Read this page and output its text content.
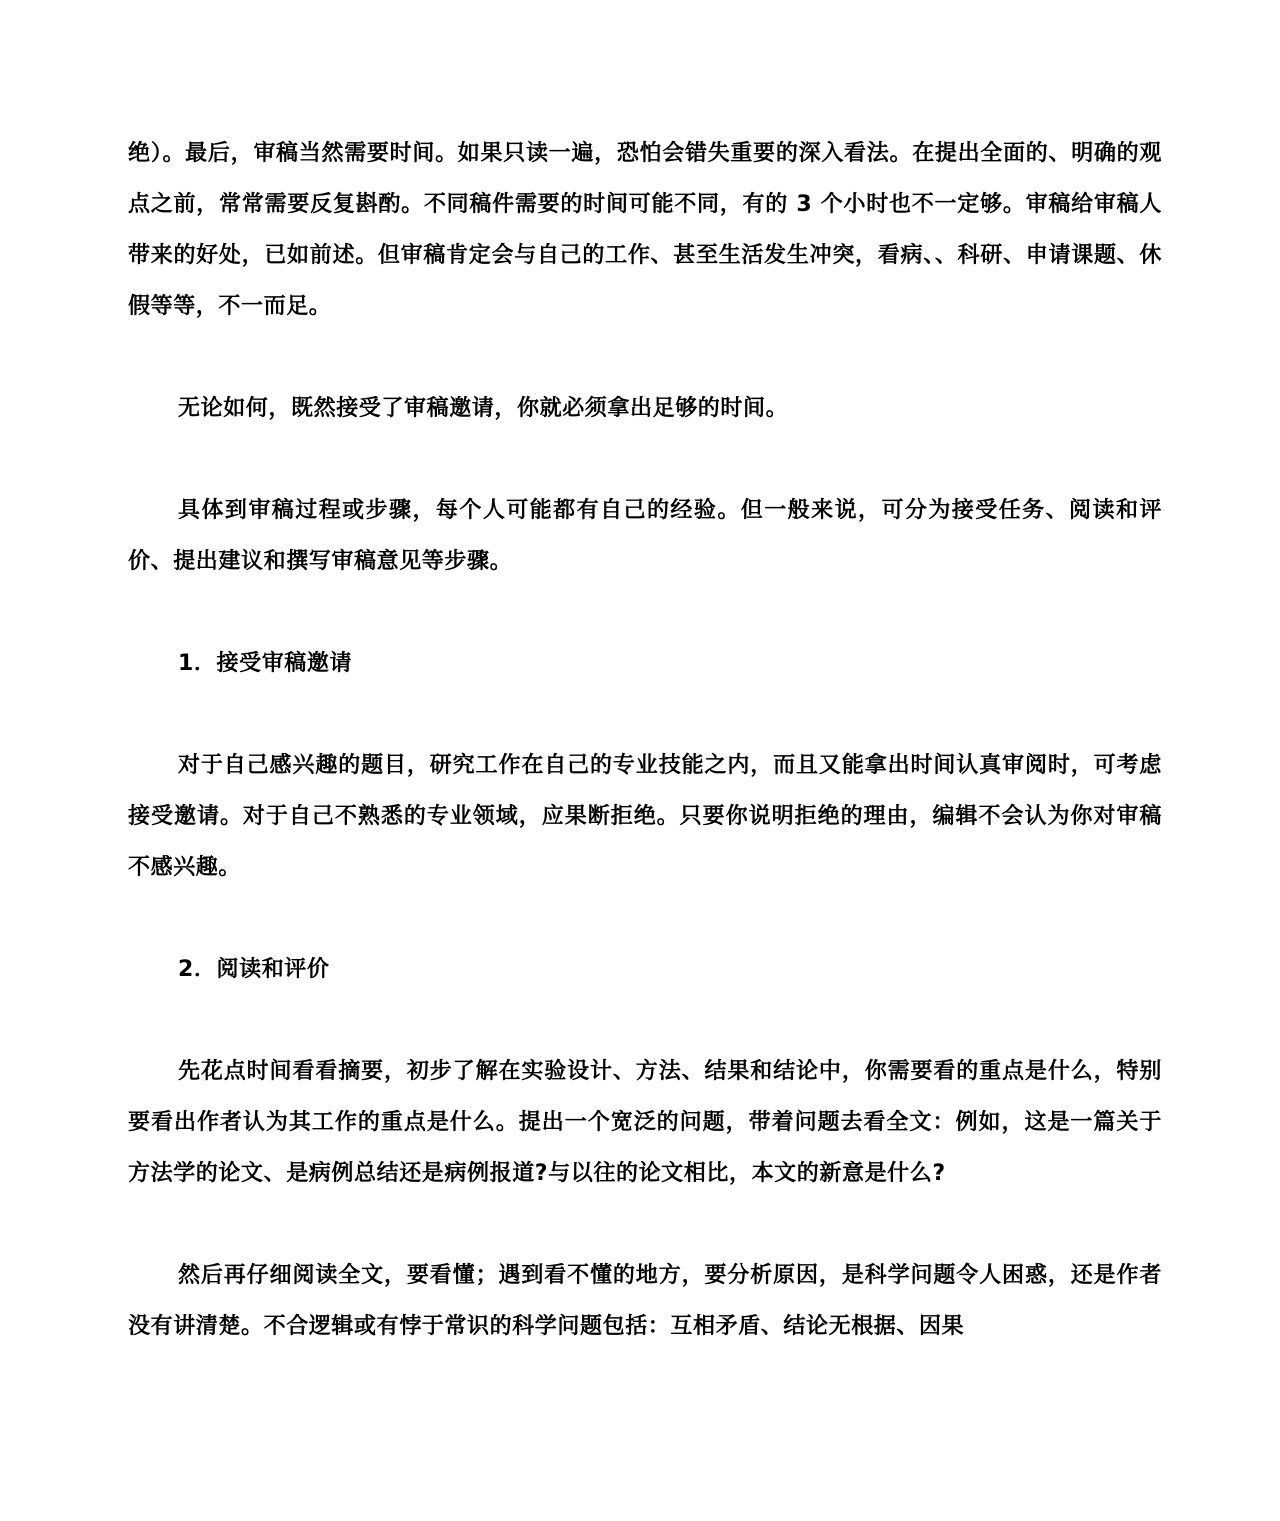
绝）。最后，审稿当然需要时间。如果只读一遍，恐怕会错失重要的深入看法。在提出全面的、明确的观点之前，常常需要反复斟酌。不同稿件需要的时间可能不同，有的 3 个小时也不一定够。审稿给审稿人带来的好处，已如前述。但审稿肯定会与自己的工作、甚至生活发生冲突，看病、、科研、申请课题、休假等等，不一而足。

无论如何，既然接受了审稿邀请，你就必须拿出足够的时间。

具体到审稿过程或步骤，每个人可能都有自己的经验。但一般来说，可分为接受任务、阅读和评价、提出建议和撰写审稿意见等步骤。

1．接受审稿邀请

对于自己感兴趣的题目，研究工作在自己的专业技能之内，而且又能拿出时间认真审阅时，可考虑接受邀请。对于自己不熟悉的专业领域，应果断拒绝。只要你说明拒绝的理由，编辑不会认为你对审稿不感兴趣。

2．阅读和评价

先花点时间看看摘要，初步了解在实验设计、方法、结果和结论中，你需要看的重点是什么，特别要看出作者认为其工作的重点是什么。提出一个宽泛的问题，带着问题去看全文：例如，这是一篇关于方法学的论文、是病例总结还是病例报道?与以往的论文相比，本文的新意是什么?

然后再仔细阅读全文，要看懂；遇到看不懂的地方，要分析原因，是科学问题令人困惑，还是作者没有讲清楚。不合逻辑或有悖于常识的科学问题包括：互相矛盾、结论无根据、因果
